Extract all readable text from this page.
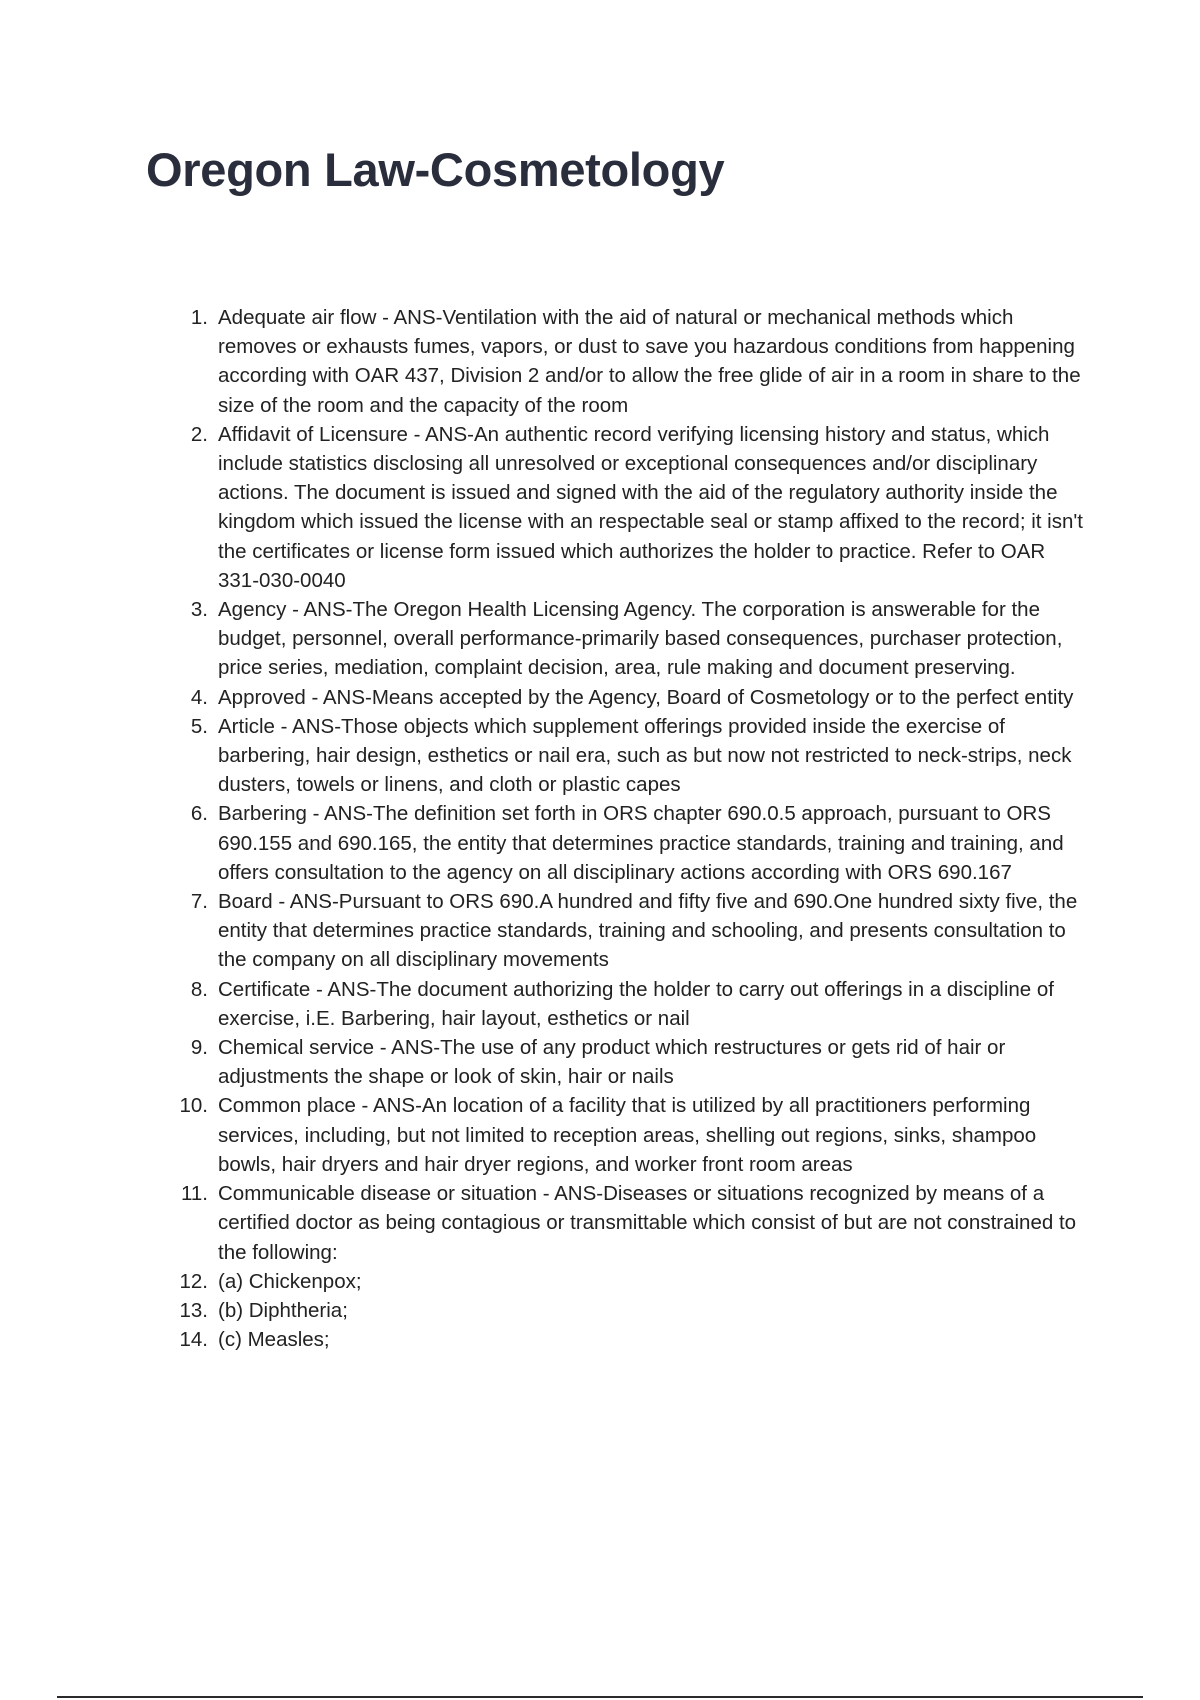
Oregon Law-Cosmetology
1. Adequate air flow - ANS-Ventilation with the aid of natural or mechanical methods which removes or exhausts fumes, vapors, or dust to save you hazardous conditions from happening according with OAR 437, Division 2 and/or to allow the free glide of air in a room in share to the size of the room and the capacity of the room
2. Affidavit of Licensure - ANS-An authentic record verifying licensing history and status, which include statistics disclosing all unresolved or exceptional consequences and/or disciplinary actions. The document is issued and signed with the aid of the regulatory authority inside the kingdom which issued the license with an respectable seal or stamp affixed to the record; it isn't the certificates or license form issued which authorizes the holder to practice. Refer to OAR 331-030-0040
3. Agency - ANS-The Oregon Health Licensing Agency. The corporation is answerable for the budget, personnel, overall performance-primarily based consequences, purchaser protection, price series, mediation, complaint decision, area, rule making and document preserving.
4. Approved - ANS-Means accepted by the Agency, Board of Cosmetology or to the perfect entity
5. Article - ANS-Those objects which supplement offerings provided inside the exercise of barbering, hair design, esthetics or nail era, such as but now not restricted to neck-strips, neck dusters, towels or linens, and cloth or plastic capes
6. Barbering - ANS-The definition set forth in ORS chapter 690.0.5 approach, pursuant to ORS 690.155 and 690.165, the entity that determines practice standards, training and training, and offers consultation to the agency on all disciplinary actions according with ORS 690.167
7. Board - ANS-Pursuant to ORS 690.A hundred and fifty five and 690.One hundred sixty five, the entity that determines practice standards, training and schooling, and presents consultation to the company on all disciplinary movements
8. Certificate - ANS-The document authorizing the holder to carry out offerings in a discipline of exercise, i.E. Barbering, hair layout, esthetics or nail
9. Chemical service - ANS-The use of any product which restructures or gets rid of hair or adjustments the shape or look of skin, hair or nails
10. Common place - ANS-An location of a facility that is utilized by all practitioners performing services, including, but not limited to reception areas, shelling out regions, sinks, shampoo bowls, hair dryers and hair dryer regions, and worker front room areas
11. Communicable disease or situation - ANS-Diseases or situations recognized by means of a certified doctor as being contagious or transmittable which consist of but are not constrained to the following:
12. (a) Chickenpox;
13. (b) Diphtheria;
14. (c) Measles;
